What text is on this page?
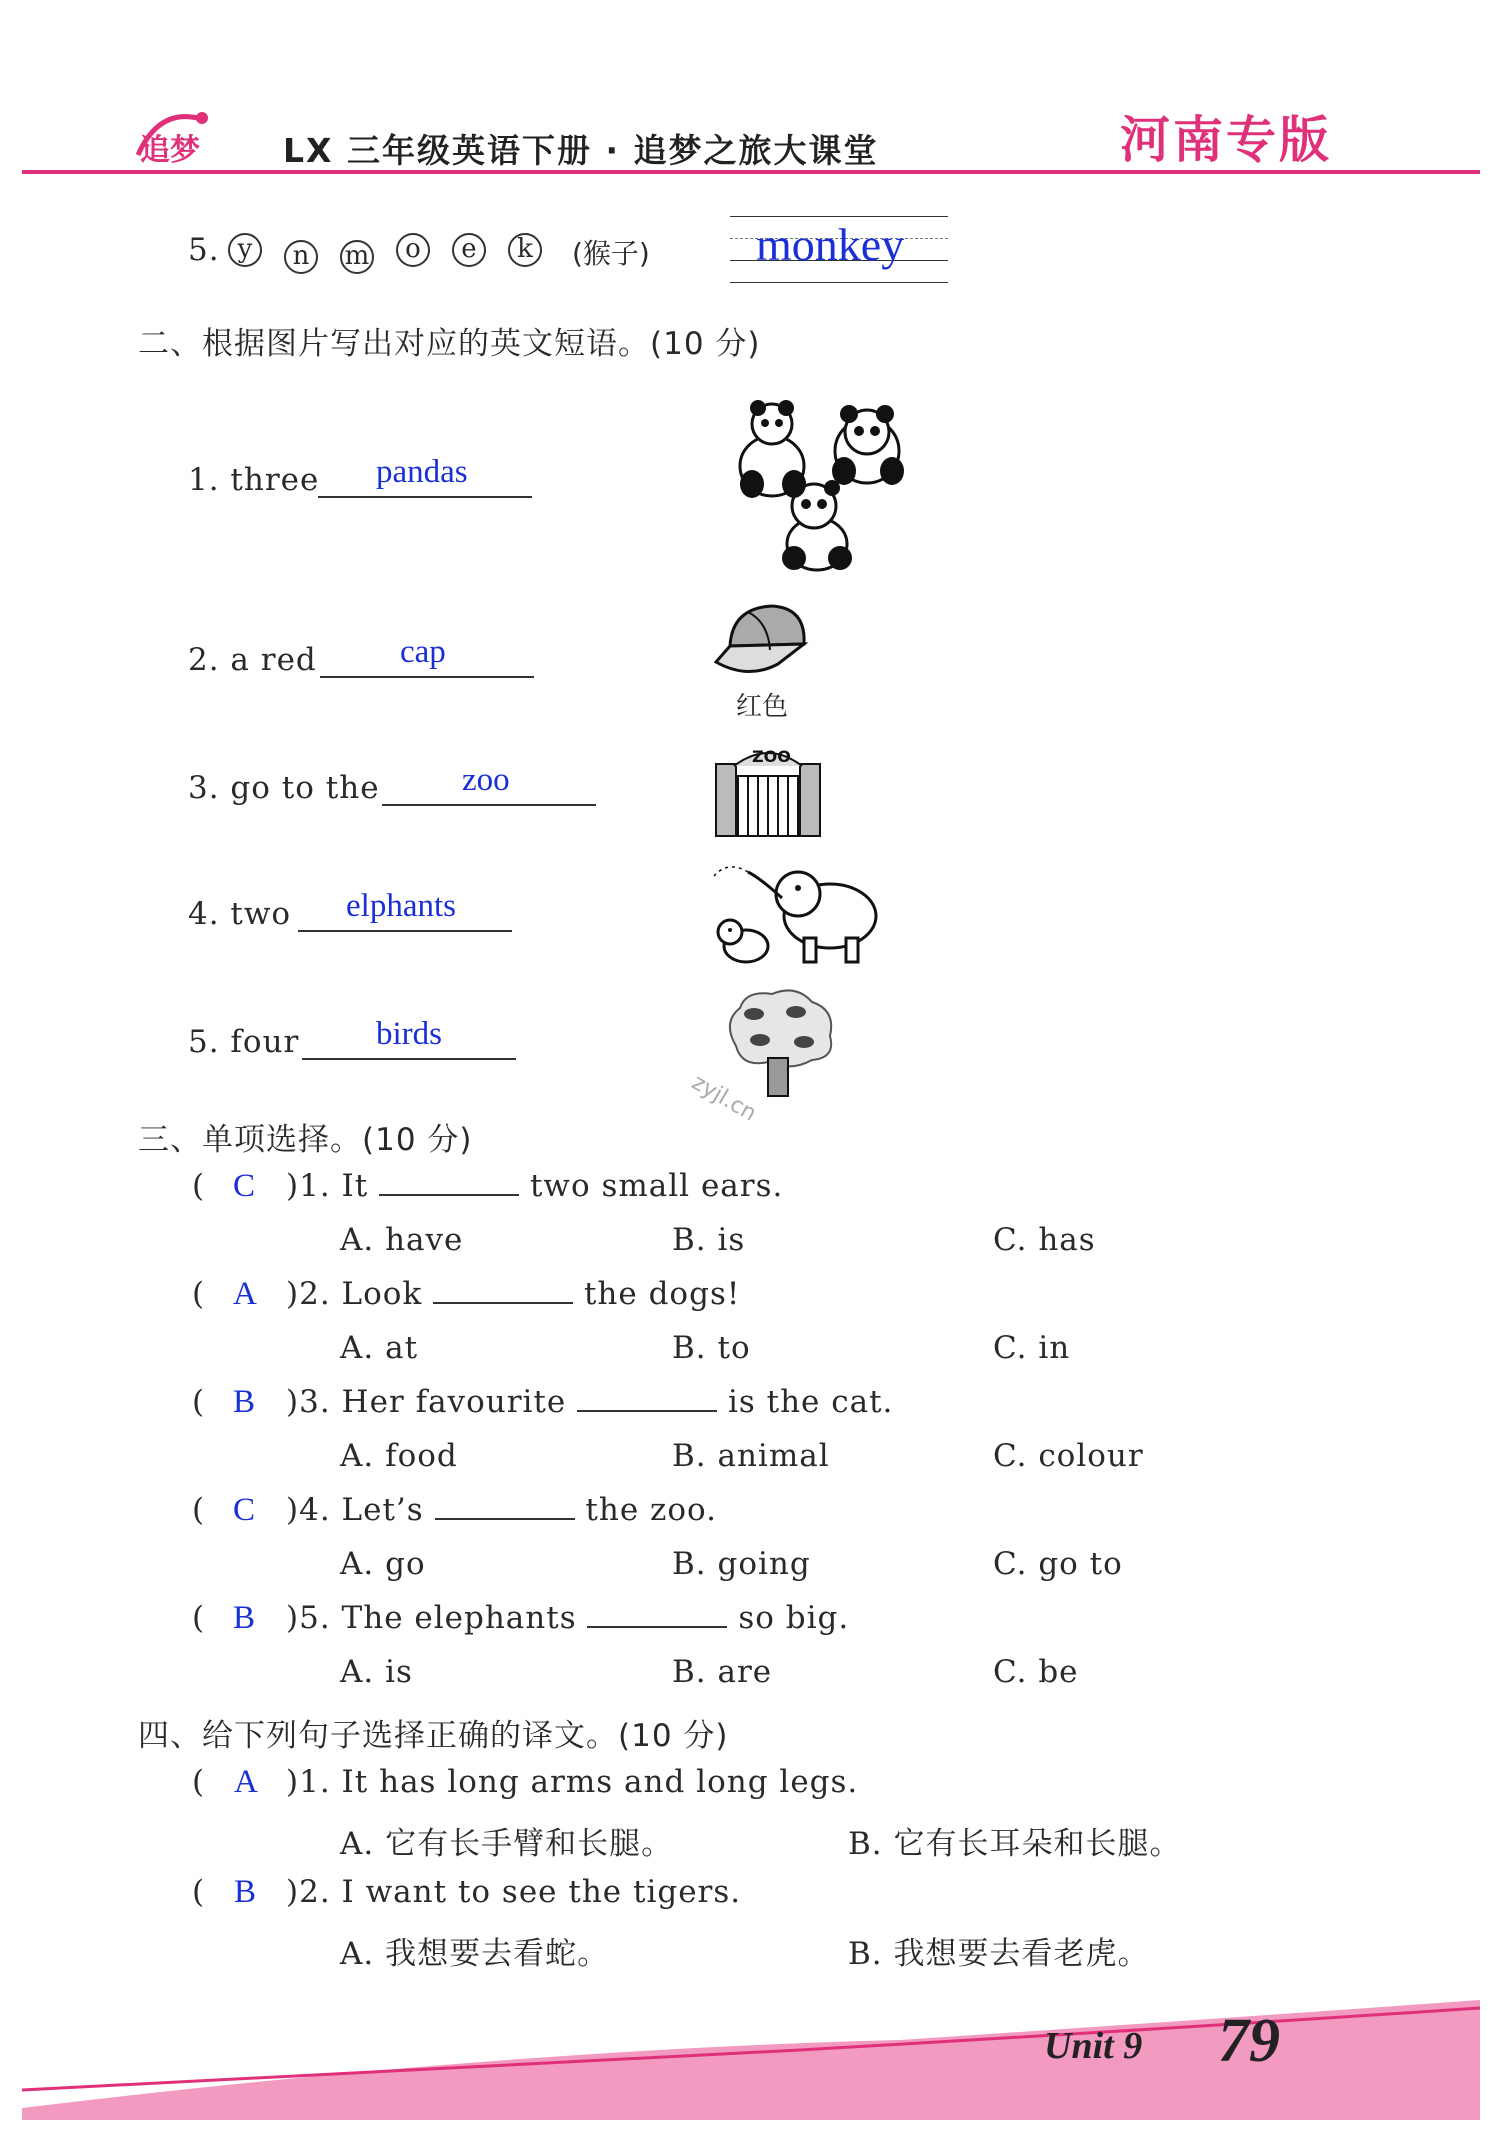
追梦	LX 三年级英语下册 · 追梦之旅大课堂	河南专版
5. y n m o e k	(猴子) monkey
二、根据图片写出对应的英文短语。(10 分)
1. three pandas
2. a red	cap
3. go to the zoo
4. two elphants
5. four birds
红色
ZOO
zyjl.cn
三、单项选择。(10 分)
( C )1. It	two small ears.
A. have	B. is	C. has
( A )2. Look	the dogs!
A. at	B. to	C. in
( B )3. Her favourite	is the cat.
A. food	B. animal	C. colour
( C )4. Let’s	the zoo.
A. go	B. going	C. go to
( B )5. The elephants	so big.
A. is	B. are	C. be
四、给下列句子选择正确的译文。(10 分)
( A )1. It has long arms and long legs.
A. 它有长手臂和长腿。	B. 它有长耳朵和长腿。
( B )2. I want to see the tigers.
A. 我想要去看蛇。	B. 我想要去看老虎。
Unit 9 79
